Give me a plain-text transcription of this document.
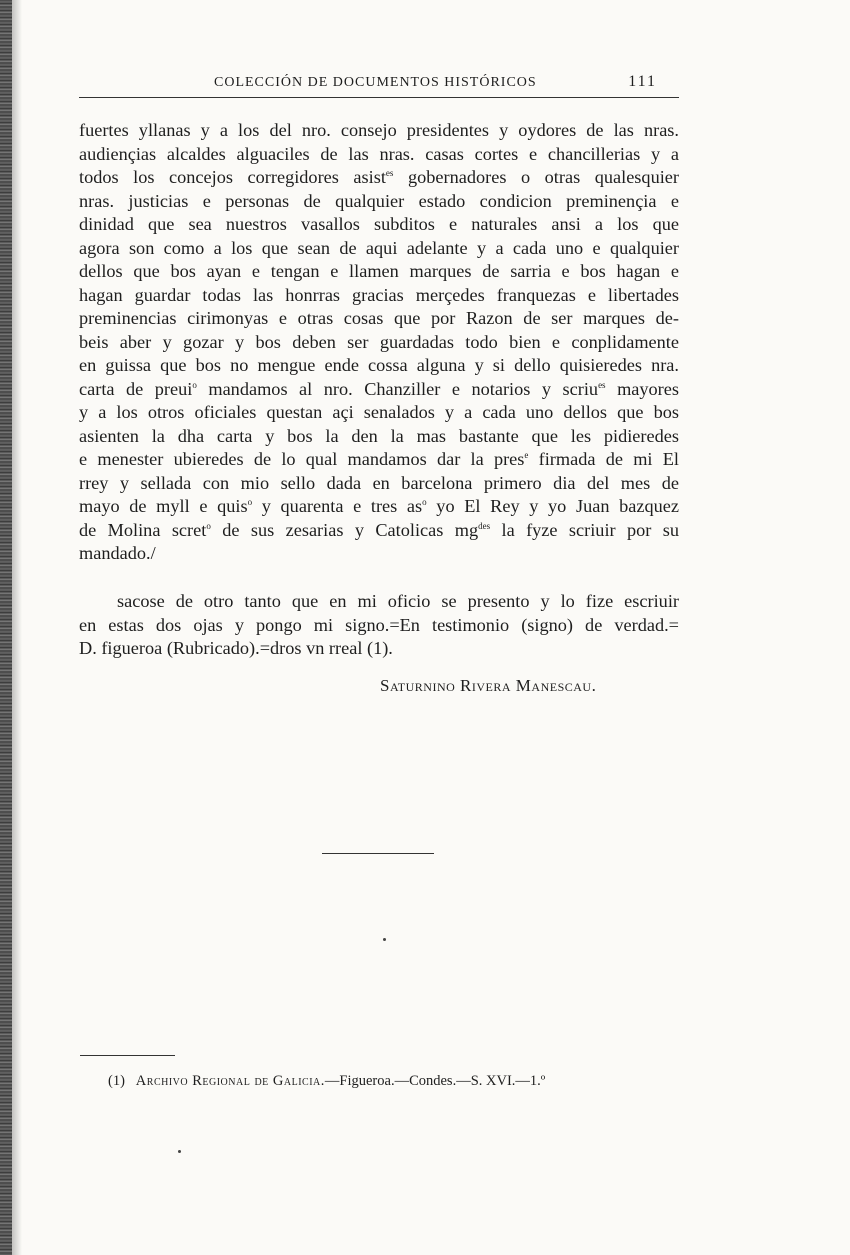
COLECCIÓN DE DOCUMENTOS HISTÓRICOS	111
fuertes yllanas y a los del nro. consejo presidentes y oydores de las nras.
audiençias alcaldes alguaciles de las nras. casas cortes e chancillerias y a
todos los concejos corregidores asist$^{es}$ gobernadores o otras qualesquier
nras. justicias e personas de qualquier estado condicion preminençia e
dinidad que sea nuestros vasallos subditos e naturales ansi a los que
agora son como a los que sean de aqui adelante y a cada uno e qualquier
dellos que bos ayan e tengan e llamen marques de sarria e bos hagan e
hagan guardar todas las honrras gracias merçedes franquezas e libertades
preminencias cirimonyas e otras cosas que por Razon de ser marques de-
beis aber y gozar y bos deben ser guardadas todo bien e conplidamente
en guissa que bos no mengue ende cossa alguna y si dello quisieredes nra.
carta de preui$^o$ mandamos al nro. Chanziller e notarios y scriu$^{es}$ mayores
y a los otros oficiales questan açi senalados y a cada uno dellos que bos
asienten la dha carta y bos la den la mas bastante que les pidieredes
e menester ubieredes de lo qual mandamos dar la pres$^e$ firmada de mi El
rrey y sellada con mio sello dada en barcelona primero dia del mes de
mayo de myll e quis$^o$ y quarenta e tres $as^o$ yo El Rey y yo Juan bazquez
de Molina scret$^o$ de sus zesarias y Catolicas $mg^{des}$ la fyze scriuir por su
mandado./
sacose de otro tanto que en mi oficio se presento y lo fize escriuir
en estas dos ojas y pongo mi signo.=En testimonio (signo) de verdad.=
D. figueroa (Rubricado).=dros vn rreal (1).
Saturnino Rivera Manescau.
(1) Archivo Regional de Galicia.—Figueroa.—Condes.—S. XVI.—1.º
